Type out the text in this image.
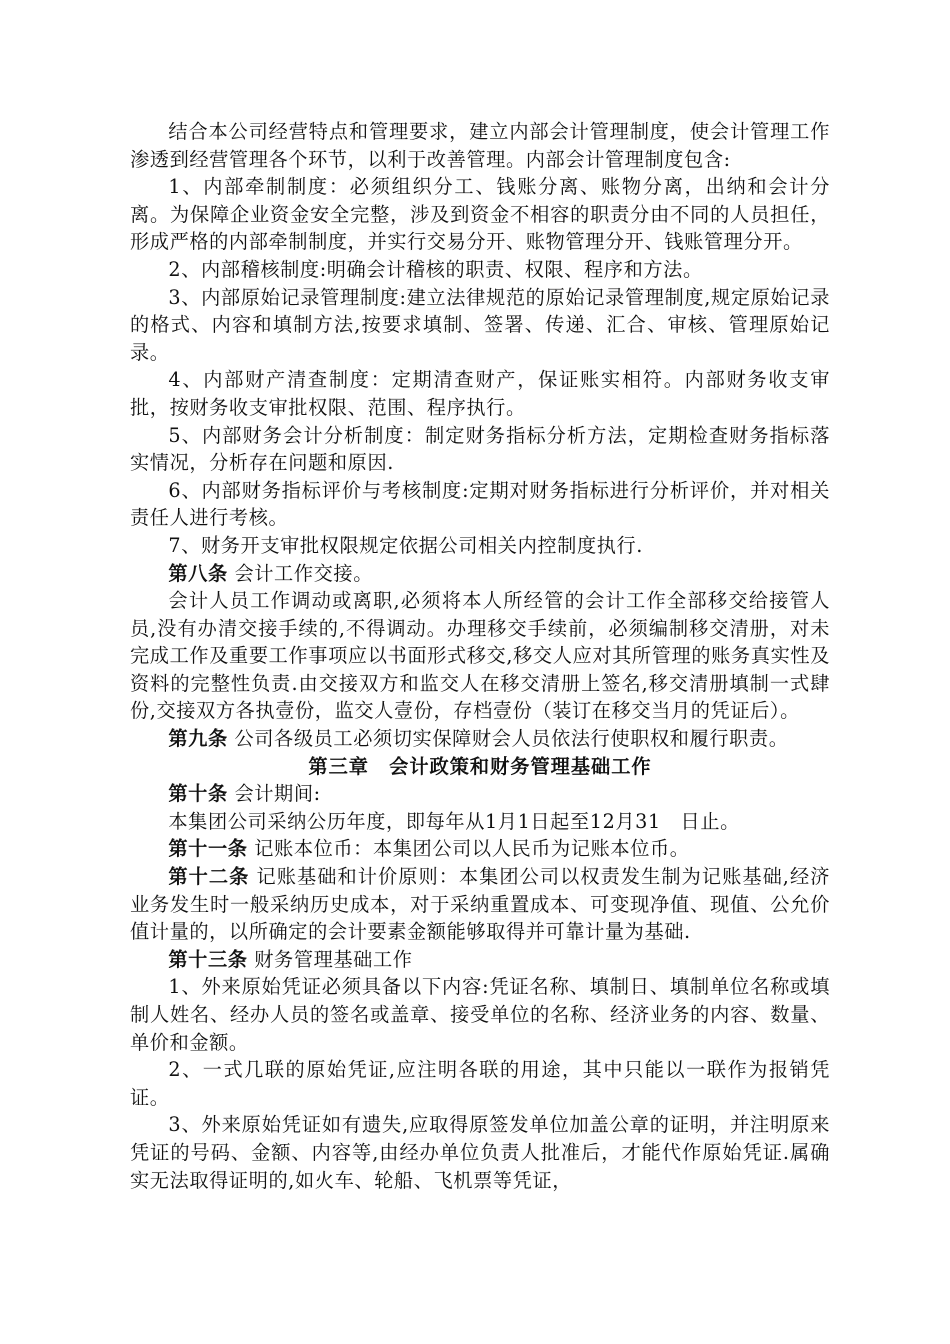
结合本公司经营特点和管理要求，建立内部会计管理制度，使会计管理工作渗透到经营管理各个环节，以利于改善管理。内部会计管理制度包含:

1、内部牵制制度：必须组织分工、钱账分离、账物分离，出纳和会计分离。为保障企业资金安全完整，涉及到资金不相容的职责分由不同的人员担任，形成严格的内部牵制制度，并实行交易分开、账物管理分开、钱账管理分开。

2、内部稽核制度:明确会计稽核的职责、权限、程序和方法。

3、内部原始记录管理制度:建立法律规范的原始记录管理制度,规定原始记录的格式、内容和填制方法,按要求填制、签署、传递、汇合、审核、管理原始记录。

4、内部财产清查制度：定期清查财产，保证账实相符。内部财务收支审批，按财务收支审批权限、范围、程序执行。

5、内部财务会计分析制度：制定财务指标分析方法，定期检查财务指标落实情况，分析存在问题和原因.

6、内部财务指标评价与考核制度:定期对财务指标进行分析评价，并对相关责任人进行考核。

7、财务开支审批权限规定依据公司相关内控制度执行.

第八条 会计工作交接。

会计人员工作调动或离职,必须将本人所经管的会计工作全部移交给接管人员,没有办清交接手续的,不得调动。办理移交手续前，必须编制移交清册，对未完成工作及重要工作事项应以书面形式移交,移交人应对其所管理的账务真实性及资料的完整性负责.由交接双方和监交人在移交清册上签名,移交清册填制一式肆份,交接双方各执壹份，监交人壹份，存档壹份（装订在移交当月的凭证后）。

第九条 公司各级员工必须切实保障财会人员依法行使职权和履行职责。

第三章　会计政策和财务管理基础工作

第十条 会计期间:

本集团公司采纳公历年度，即每年从1月1日起至12月31　日止。

第十一条 记账本位币：本集团公司以人民币为记账本位币。

第十二条 记账基础和计价原则：本集团公司以权责发生制为记账基础,经济业务发生时一般采纳历史成本，对于采纳重置成本、可变现净值、现值、公允价值计量的，以所确定的会计要素金额能够取得并可靠计量为基础.

第十三条 财务管理基础工作

1、外来原始凭证必须具备以下内容:凭证名称、填制日、填制单位名称或填制人姓名、经办人员的签名或盖章、接受单位的名称、经济业务的内容、数量、单价和金额。

2、一式几联的原始凭证,应注明各联的用途，其中只能以一联作为报销凭证。

3、外来原始凭证如有遗失,应取得原签发单位加盖公章的证明，并注明原来凭证的号码、金额、内容等,由经办单位负责人批准后，才能代作原始凭证.属确实无法取得证明的,如火车、轮船、飞机票等凭证，
